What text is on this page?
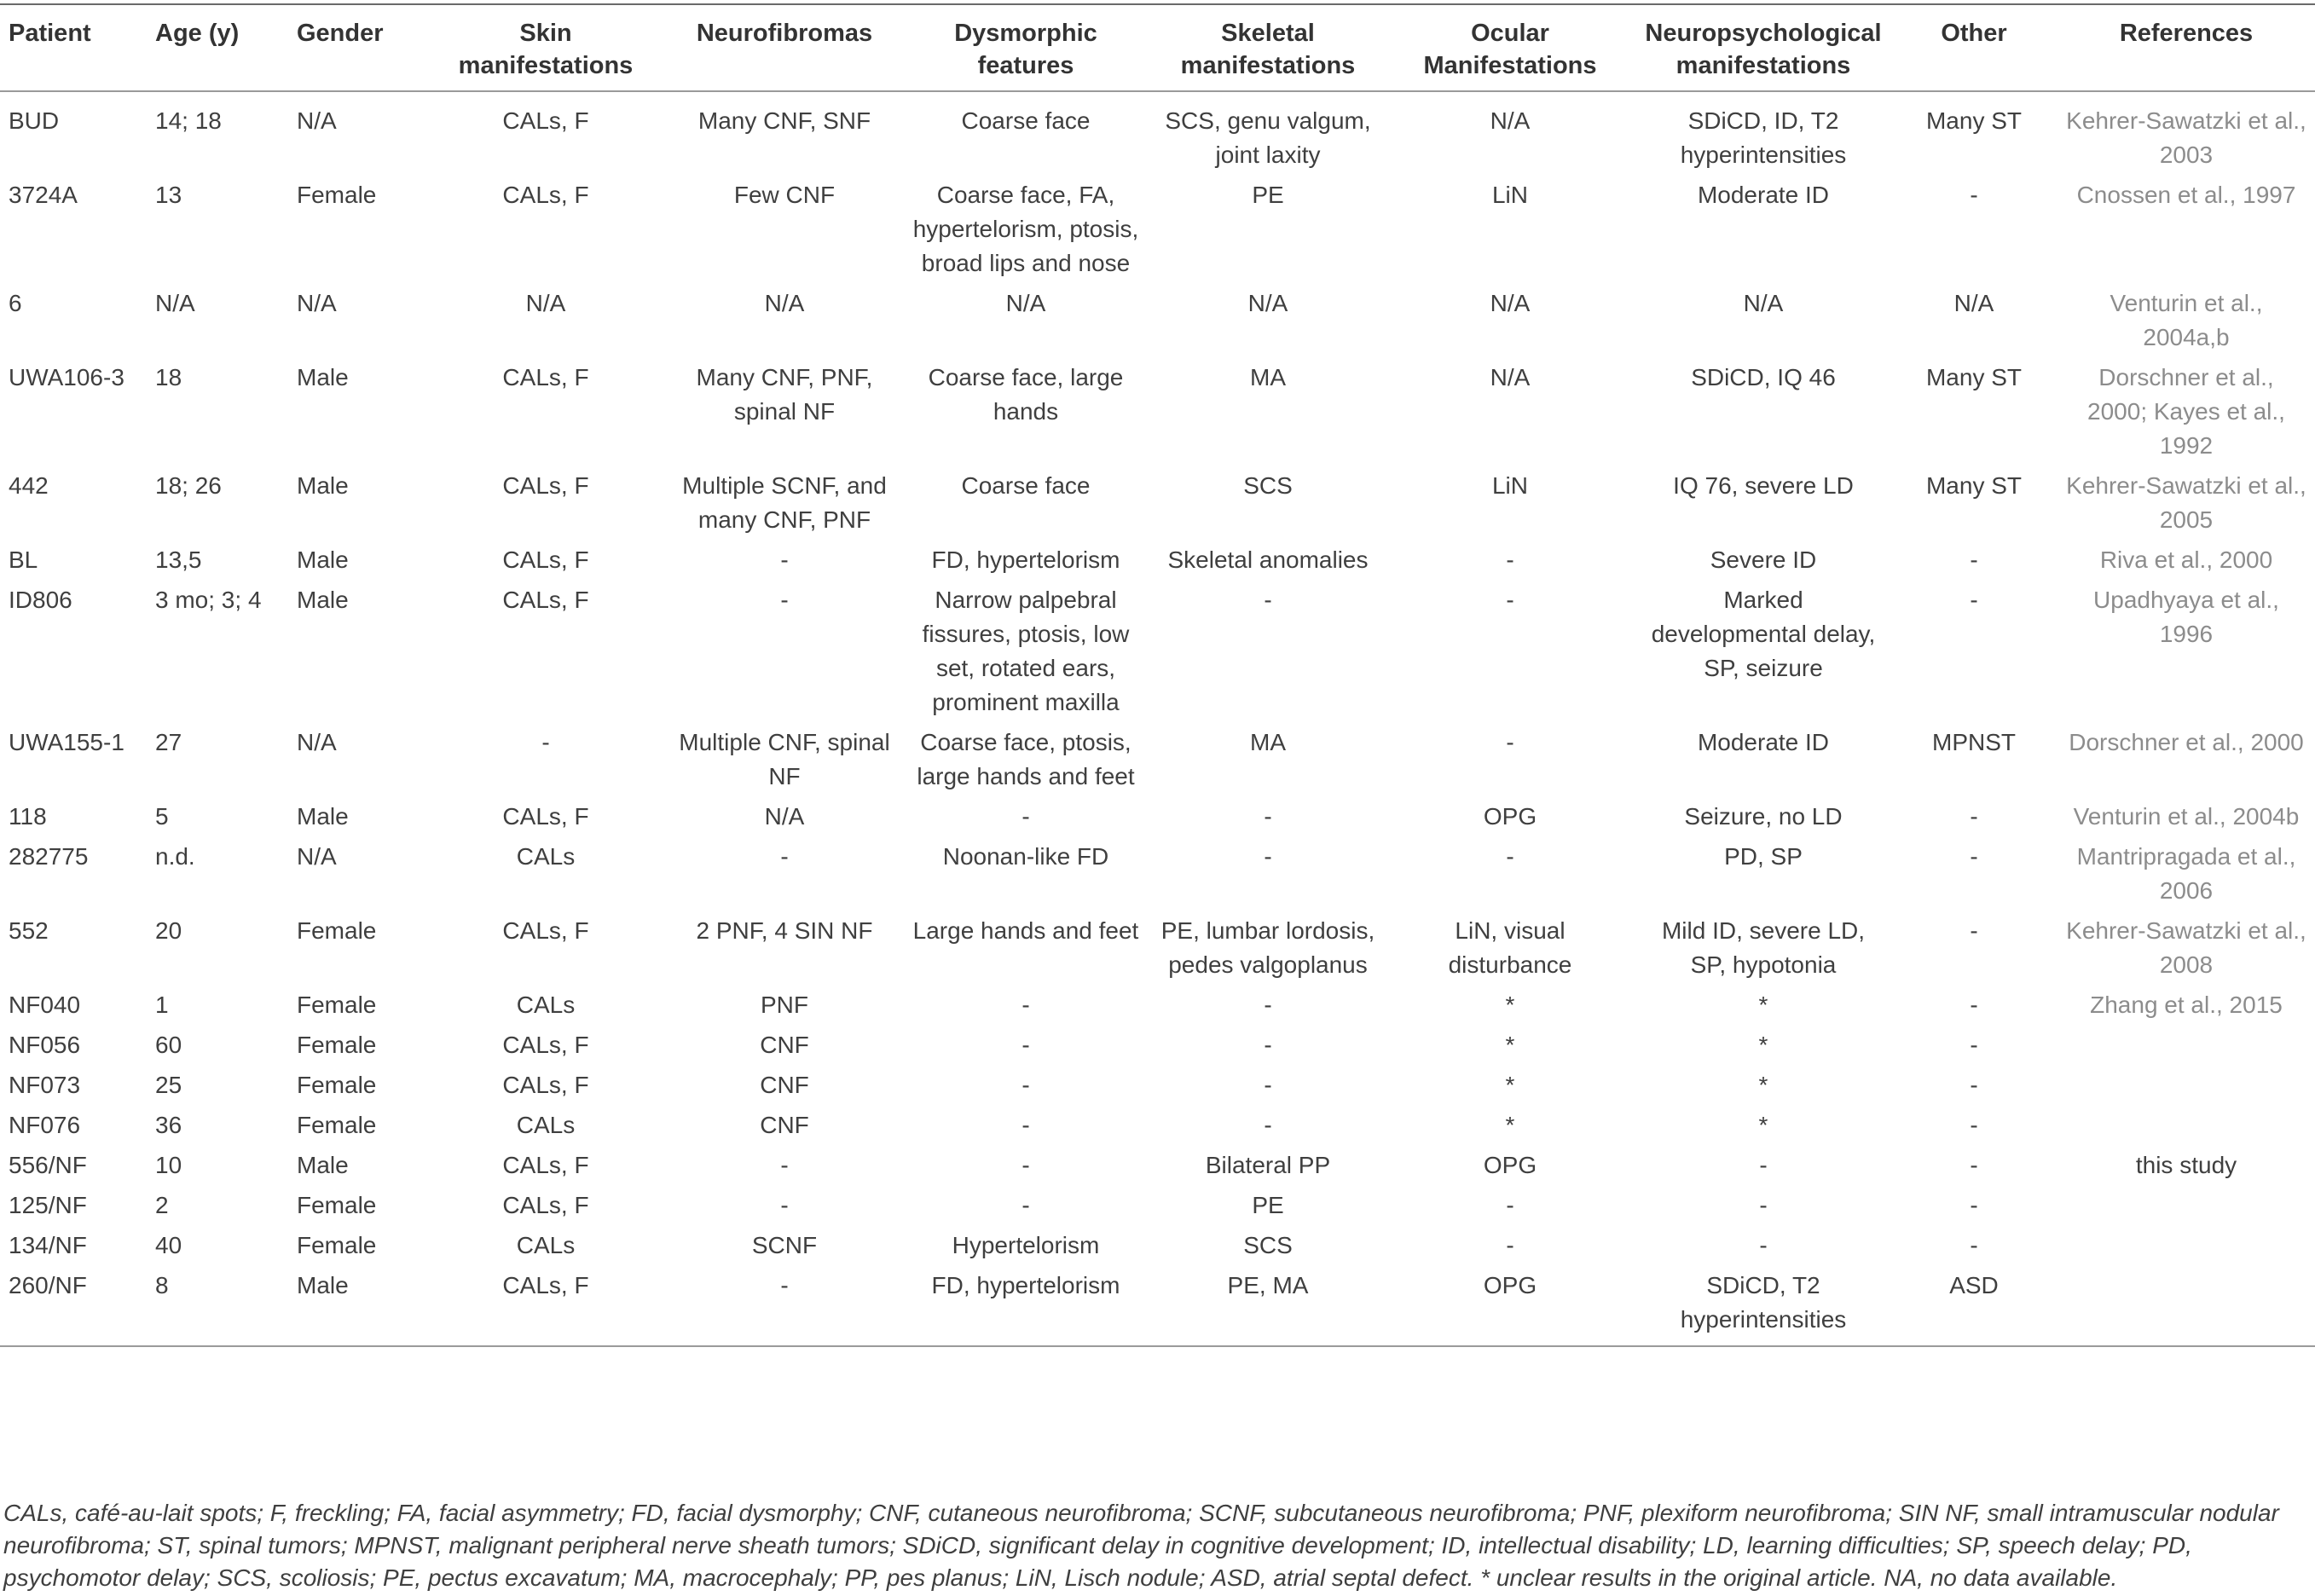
Patient	Age (y)	Gender	Skin manifestations	Neurofibromas	Dysmorphic features	Skeletal manifestations	Ocular Manifestations	Neuropsychological manifestations	Other	References
BUD	14; 18	N/A	CALs, F	Many CNF, SNF	Coarse face	SCS, genu valgum, joint laxity	N/A	SDiCD, ID, T2 hyperintensities	Many ST	Kehrer-Sawatzki et al., 2003
3724A	13	Female	CALs, F	Few CNF	Coarse face, FA, hypertelorism, ptosis, broad lips and nose	PE	LiN	Moderate ID	-	Cnossen et al., 1997
6	N/A	N/A	N/A	N/A	N/A	N/A	N/A	N/A	N/A	Venturin et al., 2004a,b
UWA106-3	18	Male	CALs, F	Many CNF, PNF, spinal NF	Coarse face, large hands	MA	N/A	SDiCD, IQ 46	Many ST	Dorschner et al., 2000; Kayes et al., 1992
442	18; 26	Male	CALs, F	Multiple SCNF, and many CNF, PNF	Coarse face	SCS	LiN	IQ 76, severe LD	Many ST	Kehrer-Sawatzki et al., 2005
BL	13,5	Male	CALs, F	-	FD, hypertelorism	Skeletal anomalies	-	Severe ID	-	Riva et al., 2000
ID806	3 mo; 3; 4	Male	CALs, F	-	Narrow palpebral fissures, ptosis, low set, rotated ears, prominent maxilla	-	-	Marked developmental delay, SP, seizure	-	Upadhyaya et al., 1996
UWA155-1	27	N/A	-	Multiple CNF, spinal NF	Coarse face, ptosis, large hands and feet	MA	-	Moderate ID	MPNST	Dorschner et al., 2000
118	5	Male	CALs, F	N/A	-	-	OPG	Seizure, no LD	-	Venturin et al., 2004b
282775	n.d.	N/A	CALs	-	Noonan-like FD	-	-	PD, SP	-	Mantripragada et al., 2006
552	20	Female	CALs, F	2 PNF, 4 SIN NF	Large hands and feet	PE, lumbar lordosis, pedes valgoplanus	LiN, visual disturbance	Mild ID, severe LD, SP, hypotonia	-	Kehrer-Sawatzki et al., 2008
NF040	1	Female	CALs	PNF	-	-	*	*	-	Zhang et al., 2015
NF056	60	Female	CALs, F	CNF	-	-	*	*	-	
NF073	25	Female	CALs, F	CNF	-	-	*	*	-	
NF076	36	Female	CALs	CNF	-	-	*	*	-	
556/NF	10	Male	CALs, F	-	-	Bilateral PP	OPG	-	-	this study
125/NF	2	Female	CALs, F	-	-	PE	-	-	-	
134/NF	40	Female	CALs	SCNF	Hypertelorism	SCS	-	-	-	
260/NF	8	Male	CALs, F	-	FD, hypertelorism	PE, MA	OPG	SDiCD, T2 hyperintensities	ASD	

CALs, café-au-lait spots; F, freckling; FA, facial asymmetry; FD, facial dysmorphy; CNF, cutaneous neurofibroma; SCNF, subcutaneous neurofibroma; PNF, plexiform neurofibroma; SIN NF, small intramuscular nodular neurofibroma; ST, spinal tumors; MPNST, malignant peripheral nerve sheath tumors; SDiCD, significant delay in cognitive development; ID, intellectual disability; LD, learning difficulties; SP, speech delay; PD, psychomotor delay; SCS, scoliosis; PE, pectus excavatum; MA, macrocephaly; PP, pes planus; LiN, Lisch nodule; ASD, atrial septal defect. * unclear results in the original article. NA, no data available.
